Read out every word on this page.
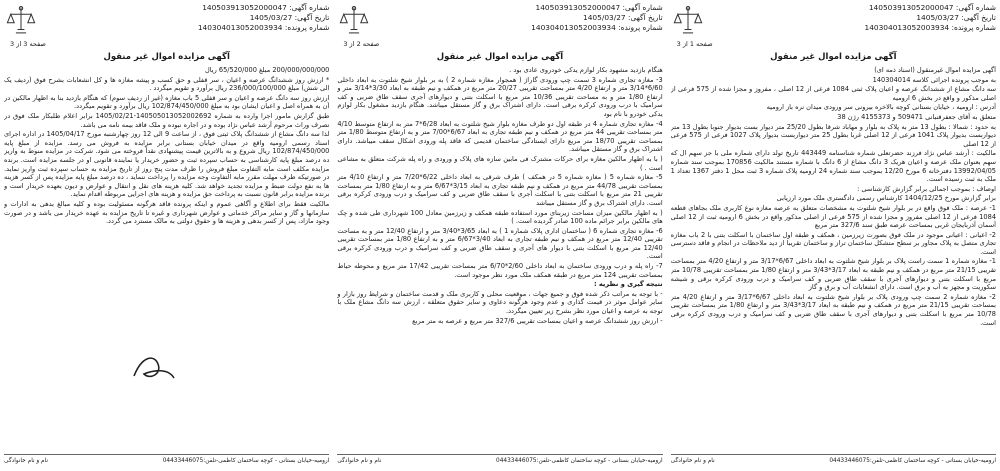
صفحه 1 از 3
شماره آگهی: 140503913052000047
تاریخ آگهی: 1405/03/27
شماره پرونده: 140304013052003934
آگهی مزایده اموال غیر منقول

آگهی مزایده اموال غیرمنقول (اسناد ذمه ای)

به موجب پرونده اجرائی کلاسه 140304014

سه دانگ مشاع از ششدانگ عرصه و اعیان پلاک ثبتی 1084 فرعی از 12 اصلی ، مفروز و مجزا شده از 575 فرعی از اصلی مذکور و واقع در بخش 6 ارومیه

آدرس : ارومیه ، خیابان بستانی کوچه بالاخره بیرونی سر ورودی میدان نره باز ارومیه

متعلق به آقای جعفرقنبانی 509471 و 4155373 رژن 38

به حدود : شمالا : بطول 13 متر به پلاک به بلوار و مهاباد شرقا بطول 25/20 متر دیوار بست بدیوار جنوبا بطول 13 متر دیواربست بدیوار پلاک 1041 فرعی از 12 اصلی غربا بطول 25 متر دیواربست بدیوار پلاک 1027 فرعی از 575 فرعی از 12 اصلی

مالکیت : آرشد عباس نژاد فرزند حضرتعلی شماره شناسنامه 443449 تاریخ تولد دارای شماره ملی با جز سهم ال که سهم بعنوان ملک عرصه و اعیان هریک 3 دانگ مشاع از 6 دانگ با شماره مستند مالکیت 170856 بموجب سند شماره 13992/04/05 دفترخانه 6 مورخ 12/20 بموجب سند شماره 24 ارومیه پلاک شماره 3 ثبت محل 1 دفتر 1367 تعداد 1 ملک به ثبت رسیده است.

اوصاف : بموجب اجمالی برابر گزارش کارشناسی :

برابر گزارش مورخ 1404/12/25 کارشناس رسمی دادگستری ملک مورد ارزیابی

1- عرصه : ملک فوق واقع در بر بلوار شیخ شلتوت به مشخصات متعلق به عرصه مغازه نوع کاربری ملک بجاهای قطعه 1084 فرعی از 12 اصلی مفروز و مجزا شده از 575 فرعی از اصلی مذکور واقع در بخش 6 ارومیه ثبت از 12 اصلی آسمان آذربایجان غربی بمساحت عرصه طبق سند 327/6 متر مربع

2- اعیانی : اعیانی موجود در ملک فوق بصورت زیرزمین ، همکف و طبقه اول ساختمان با اسکلت بتنی با 2 باب مغازه تجاری متصل به پلاک مجاور بر سطح متشکل ساختمان تراز و ساختمان تقریبا از دید ملاحظات در انجام و فاقد دسترسی است.

1- مغازه شماره 1 سمت راست پلاک بر بلوار شیخ شلتوت به ابعاد داخلی 6/67*3/17 متر و ارتفاع 4/20 متر بمساحت تقریبی 21/15 متر مربع در همکف و نیم طبقه به ابعاد 3/17*3/43 متر و ارتفاع 1/80 متر بمساحت تقریبی 10/78 متر مربع با اسکلت بتنی و دیوارهای آجری با سقف طاق ضربی و کف سرامیک و درب ورودی کرکره برقی و شیشه سکوریت و مجهز به آب و برق است. دارای انشعابات آب و برق و گاز

2- مغازه شماره 2 سمت چپ ورودی پلاک بر بلوار شیخ شلتوت به ابعاد داخلی 6/67*3/17 متر و ارتفاع 4/20 متر بمساحت تقریبی 21/15 متر مربع در همکف و نیم طبقه به ابعاد 3/17*3/43 متر و ارتفاع 1/80 متر بمساحت تقریبی 10/78 متر مربع با اسکلت بتنی و دیوارهای آجری با سقف طاق ضربی و کف سرامیک و درب ورودی کرکره برقی است.

ارومیه-خیابان بستانی - کوچه ساختمان کاظمی-تلفن:04433446075
نام و نام خانوادگی
صفحه 2 از 3
شماره آگهی: 140503913052000047
تاریخ آگهی: 1405/03/27
شماره پرونده: 140304013052003934
آگهی مزایده اموال غیر منقول

هنگام بازدید مشهود بکار لوازم یدکی خودروی عادی بود .

3- مغازه تجاری شماره 3 سمت چپ ورودی گاراژ ( همجوار مغازه شماره 2 ) به بر بلوار شیخ شلتوت به ابعاد داخلی 6/60*3/14 متر و ارتفاع 4/20 متر بمساحت تقریبی 20/27 متر مربع در همکف و نیم طبقه به ابعاد 3/30*3/14 متر و ارتفاع 1/80 متر و به مساحت تقریبی 10/36 متر مربع با اسکلت بتنی و دیوارهای آجری سقف طاق ضربی و کف سرامیک با درب ورودی کرکره برقی است. دارای اشتراک برق و گاز مستقل میباشد. هنگام بازدید مشغول بکار لوازم یدکی خودرو با نام بود

4- مغازه تجاری شماره 4 در طبقه اول دو طرف مغازه بلوار شیخ شلتوت به ابعاد 6/28*7 متر به ارتفاع متوسط 4/10 متر بمساحت تقریبی 44 متر مربع در همکف و نیم طبقه تجاری به ابعاد 6/67*7/00 متر و به ارتفاع متوسط 1/80 متر بمساحت تقریبی 18/70 متر مربع دارای ایستادگی ساختمان قدیمی که فاقد پله ورودی اشکال سقف میباشد. دارای اشتراک برق و گاز مستقل میباشد.

( با به اظهار مالکین مغازه برای حرکات مشترک فی مابین سازه های پلاک و ورودی و راه پله شرکت متعلق به مشاعی است . )

5- مغازه شماره 5 ( مغازه شماره 5 در همکف ) طرف شرقی به ابعاد داخلی 6/22*7/20 متر و ارتفاع 4/10 متر بمساحت تقریبی 44/78 متر مربع در همکف و نیم طبقه تجاری به ابعاد 3/15*6/67 متر و به ارتفاع 1/80 متر بمساحت تقریبی 21 متر مربع با اسکلت بتنی با اسکلت آجری با سقف طاق ضربی و کف سرامیک و درب ورودی کرکره برقی است. دارای اشتراک برق و گاز مستقل میباشد

( به اظهار مالکین میزان مساحت زیربنای مورد استفاده طبقه همکف و زیرزمین معادل 100 شهرداری طی شده و چک های مالکین برابر جرائم ماده 100 صادر گردیده است. )

6- مغازه تجاری شماره 6 ( ساختمان اداری پلاک شماره 1 ) به ابعاد 3/65*3/40 متر و ارتفاع 12/40 متر و به مساحت تقریبی 12/40 متر مربع در همکف و نیم طبقه تجاری به ابعاد 3/40*6/67 متر و به ارتفاع 1/80 متر بمساحت تقریبی 12/40 متر مربع با اسکلت بتنی با دیوار های آجری و سقف طاق ضربی و کف سرامیک و درب ورودی کرکره برقی است.

7- راه پله و درب ورودی ساختمان به ابعاد داخلی 2/60*6/70 متر بمساحت تقریبی 17/42 متر مربع و محوطه حیاط بمساحت تقریبی 124 متر مربع در طبقه همکف ملک مورد نظر موجود است.

نتیجه گیری و نظریه :

- با توجه به مراتب ذکر شده فوق و جمیع جهات ، موقعیت محلی و کاربری ملک و قدمت ساختمان و شرایط روز بازار و سایر عوامل موثر در قیمت گذاری و عدم وجود هرگونه دعاوی و سایر حقوق متعلقه ، ارزش سه دانگ مشاع ملک با توجه به عرصه و اعیان مورد نظر بشرح زیر تعیین میگردد.

- ارزش روز ششدانگ عرصه و اعیان بمساحت تقریبی 327/6 متر مربع و عرصه به متر مربع

ارومیه-خیابان بستانی - کوچه ساختمان کاظمی-تلفن:04433446075
نام و نام خانوادگی
صفحه 3 از 3
شماره آگهی: 140503913052000047
تاریخ آگهی: 1405/03/27
شماره پرونده: 140304013052003934
آگهی مزایده اموال غیر منقول

200/000/000/000 مبلغ 65/520/000 ریال

* ارزش روز ششدانگ عرصه و اعیان ، سر قفلی و حق کسب و پیشه مغازه ها و کل انشعابات بشرح فوق (ردیف یک الی شش) مبلغ 236/000/100/000 ریال برآورد و تقویم میگردد .

ارزش روز سه دانگ عرصه و اعیان و سر قفلی 5 باب مغازه (غیر از ردیف سوم) که هنگام بازدید بنا به اظهار مالکین در آن به همراه اصل و اعیان ایشان بود به مبلغ 102/874/450/000 ریال برآورد و تقویم میگردد.

طبق گزارش مامور اجرا وارده به شماره 140505013052002692-1405/02/21 برابر اعلام طلبکار ملک فوق در تصرف وراث مرحوم آرشد عباس نژاد بوده و در اجاره نبوده و ملک فاقد بیمه نامه می باشد.

لذا سه دانگ مشاع از ششدانگ پلاک ثبتی فوق ، از ساعت 9 الی 12 روز چهارشنبه مورخ 1405/04/17 در اداره اجرای اسناد رسمی ارومیه واقع در میدان خیابان بستانی برابر مزایده به فروش می رسد. مزایده از مبلغ پایه 102/874/450/000 ریال شروع و به بالاترین قیمت پیشنهادی نقداً فروخته می شود. شرکت در مزایده منوط به واریز ده درصد مبلغ پایه کارشناسی به حساب سپرده ثبت و حضور خریدار یا نماینده قانونی او در جلسه مزایده است. برنده مزایده مکلف است مابه التفاوت مبلغ فروش را ظرف مدت پنج روز از تاریخ مزایده به حساب سپرده ثبت واریز نماید. در صورتیکه طرف مهلت مقرر مابه التفاوت وجه مزایده را پرداخت ننماید ، ده درصد مبلغ پایه مزایده پس از کسر هزینه ها به نفع دولت ضبط و مزایده تجدید خواهد شد. کلیه هزینه های نقل و انتقال و عوارض و دیون بعهده خریدار است و برنده مزایده برابر قانون نسبت به پرداخت حق مزایده و هزینه های اجرایی مربوطه اقدام نماید.

مالکیت فقط برای اطلاع و آگاهی عموم و اینکه پرونده فاقد هرگونه مسئولیت بوده و کلیه مبالغ بدهی به ادارات و سازمانها و گاز و سایر مراکز خدماتی و عوارض شهرداری و غیره تا تاریخ مزایده به عهده خریدار می باشد و در صورت وجود مازاد، پس از کسر بدهی و هزینه ها و حقوق دولتی به مالک مسترد می گردد.

ارومیه-خیابان بستانی - کوچه ساختمان کاظمی-تلفن:04433446075
نام و نام خانوادگی
